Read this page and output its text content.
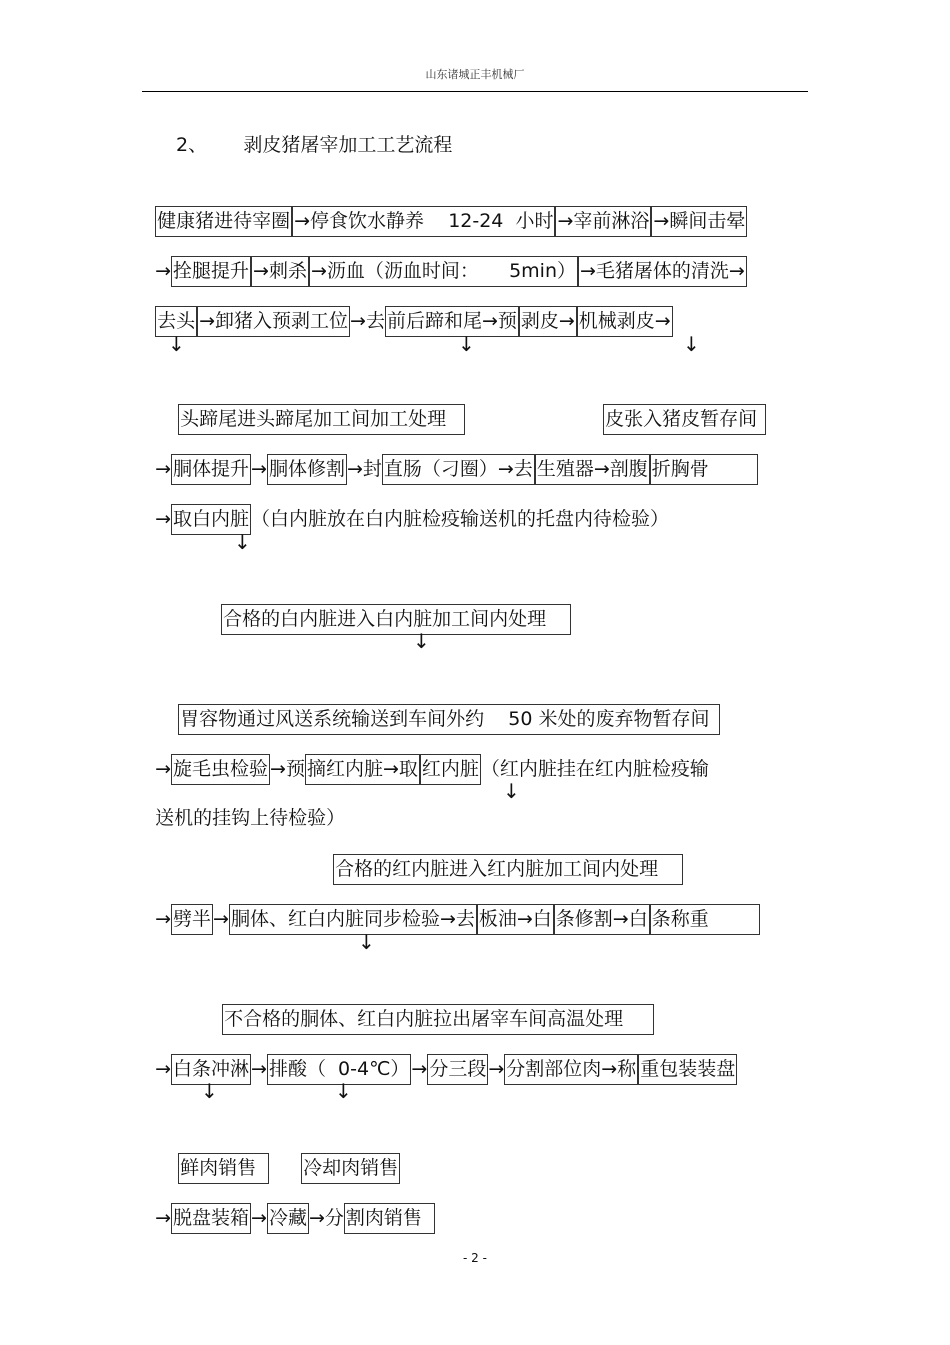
山东诸城正丰机械厂
2、      剥皮猪屠宰加工工艺流程

健康猪进待宰圈 →停食饮水静养    12-24  小时 →宰前淋浴 →瞬间击晕

→ 拴腿提升 →刺杀 →沥血（沥血时间：     5min） →毛猪屠体的清洗→

去头 →卸猪入预剥工位 →去 前后蹄和尾→预 剥皮→ 机械剥皮→

↓	↓	↓

头蹄尾进头蹄尾加工间加工处理	皮张入猪皮暂存间

→ 胴体提升 → 胴体修割 →封 直肠（刁圈）→去 生殖器→剖腹 折胸骨

→ 取白内脏 （白内脏放在白内脏检疫输送机的托盘内待检验）

↓

合格的白内脏进入白内脏加工间内处理

↓

胃容物通过风送系统输送到车间外约    50 米处的废弃物暂存间

→ 旋毛虫检验 →预 摘红内脏→取 红内脏 （红内脏挂在红内脏检疫输

送机的挂钩上待检验）

↓

合格的红内脏进入红内脏加工间内处理

→ 劈半 → 胴体、红白内脏同步检验→去 板油→白 条修割→白 条称重

↓

不合格的胴体、红白内脏拉出屠宰车间高温处理

→ 白条冲淋 → 排酸（  0-4℃） → 分三段 → 分割部位肉→称 重包装装盘

↓	↓

鲜肉销售	冷却肉销售

→ 脱盘装箱 → 冷藏 →分 割肉销售

- 2 -
